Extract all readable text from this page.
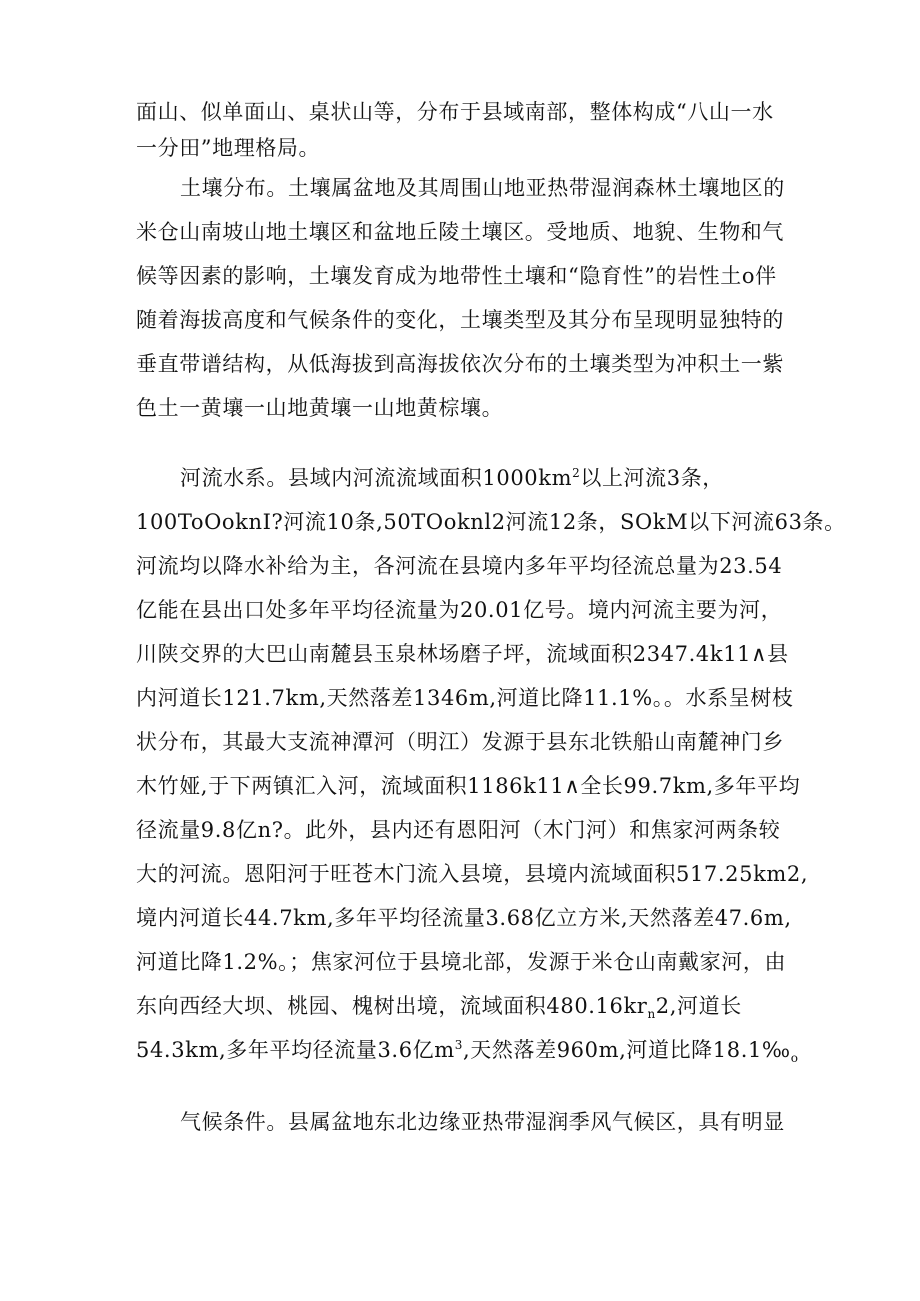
面山、似单面山、桌状山等，分布于县域南部，整体构成“八山一水
一分田”地理格局。
土壤分布。土壤属盆地及其周围山地亚热带湿润森林土壤地区的
米仓山南坡山地土壤区和盆地丘陵土壤区。受地质、地貌、生物和气
候等因素的影响，土壤发育成为地带性土壤和“隐育性”的岩性土o伴
随着海拔高度和气候条件的变化，土壤类型及其分布呈现明显独特的
垂直带谱结构，从低海拔到高海拔依次分布的土壤类型为冲积土一紫
色土一黄壤一山地黄壤一山地黄棕壤。
河流水系。县域内河流流域面积$1000km^2$以上河流3条，
100ToOoknI?河流10条,50TOoknl2河流12条，SOkM以下河流63条。
河流均以降水补给为主，各河流在县境内多年平均径流总量为23.54
亿能在县出口处多年平均径流量为20.01亿号。境内河流主要为河，
川陕交界的大巴山南麓县玉泉林场磨子坪，流域面积2347.4k11∧县
内河道长121.7km,天然落差1346m,河道比降11.1%。。水系呈树枝
状分布，其最大支流神潭河（明江）发源于县东北铁船山南麓神门乡
木竹娅,于下两镇汇入河，流域面积1186k11∧全长99.7km,多年平均
径流量9.8亿n?。此外，县内还有恩阳河（木门河）和焦家河两条较
大的河流。恩阳河于旺苍木门流入县境，县境内流域面积517.25km2,
境内河道长44.7km,多年平均径流量3.68亿立方米,天然落差47.6m,
河道比降1.2%。；焦家河位于县境北部，发源于米仓山南戴家河，由
东向西经大坝、桃园、槐树出境，流域面积$480.16kr_n2$,河道长
54.3km,多年平均径流量3.6亿$m^3$,天然落差960m,河道比降$18.1‰_o$
气候条件。县属盆地东北边缘亚热带湿润季风气候区，具有明显
